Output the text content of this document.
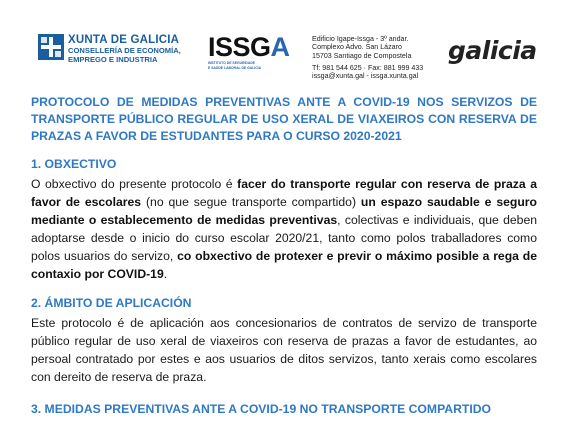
XUNTA DE GALICIA
CONSELLERÍA DE ECONOMÍA,
EMPREGO E INDUSTRIA	ISSGA
INSTITUTO DE SEGURIDADE
E SAÚDE LABORAL DE GALICIA
Edificio Igape-Issga - 3º andar.
Complexo Advo. San Lázaro
15703 Santiago de Compostela
Tf: 981 544 625 · Fax: 881 999 433
issga@xunta.gal - issga.xunta.gal
galicia

PROTOCOLO DE MEDIDAS PREVENTIVAS ANTE A COVID-19 NOS SERVIZOS DE TRANSPORTE PÚBLICO REGULAR DE USO XERAL DE VIAXEIROS CON RESERVA DE PRAZAS A FAVOR DE ESTUDANTES PARA O CURSO 2020-2021

1. OBXECTIVO

O obxectivo do presente protocolo é facer do transporte regular con reserva de praza a favor de escolares (no que segue transporte compartido) un espazo saudable e seguro mediante o establecemento de medidas preventivas, colectivas e individuais, que deben adoptarse desde o inicio do curso escolar 2020/21, tanto como polos traballadores como polos usuarios do servizo, co obxectivo de protexer e previr o máximo posible a rega de contaxio por COVID-19.

2. ÁMBITO DE APLICACIÓN

Este protocolo é de aplicación aos concesionarios de contratos de servizo de transporte público regular de uso xeral de viaxeiros con reserva de prazas a favor de estudantes, ao persoal contratado por estes e aos usuarios de ditos servizos, tanto xerais como escolares con dereito de reserva de praza.

3. MEDIDAS PREVENTIVAS ANTE A COVID-19 NO TRANSPORTE COMPARTIDO
